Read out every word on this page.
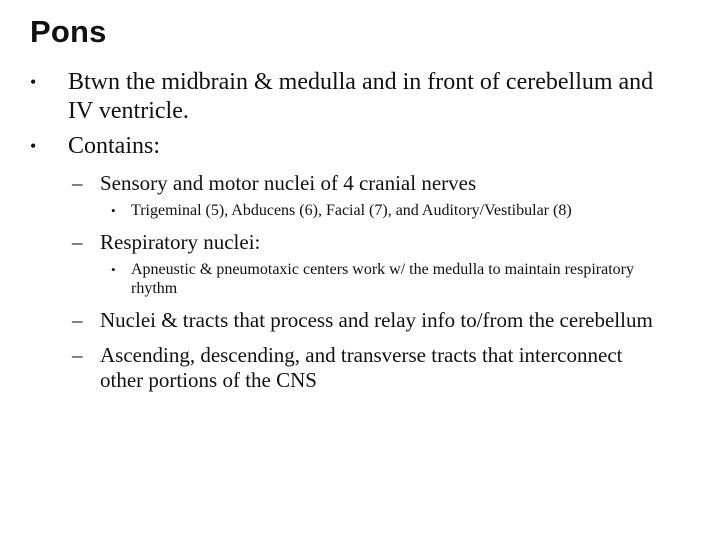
Pons
• Btwn the midbrain & medulla and in front of cerebellum and IV ventricle.
• Contains:
– Sensory and motor nuclei of 4 cranial nerves
• Trigeminal (5), Abducens (6), Facial (7), and Auditory/Vestibular (8)
– Respiratory nuclei:
• Apneustic & pneumotaxic centers work w/ the medulla to maintain respiratory rhythm
– Nuclei & tracts that process and relay info to/from the cerebellum
– Ascending, descending, and transverse tracts that interconnect other portions of the CNS
